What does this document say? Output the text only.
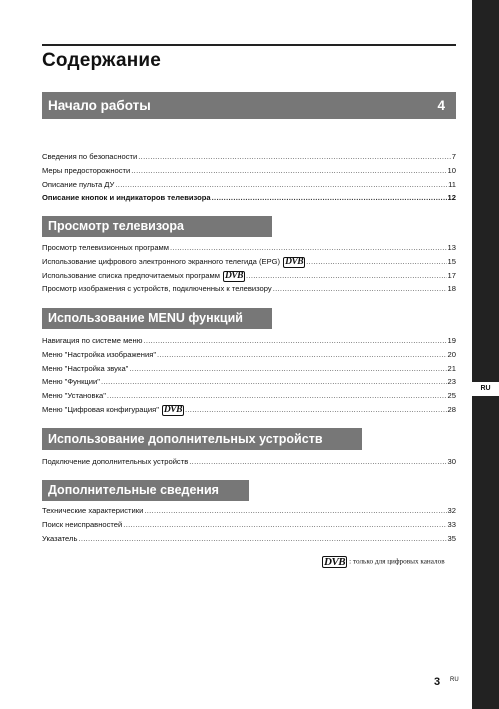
RU
Содержание
Начало работы	4
Сведения по безопасности .....	7
Меры предосторожности .....	10
Описание пульта ДУ .....	11
Описание кнопок и индикаторов телевизора .....	12
Просмотр телевизора
Просмотр телевизионных программ .....	13
Использование цифрового электронного экранного телегида (EPG) DVB .....	15
Использование списка предпочитаемых программ DVB .....	17
Просмотр изображения с устройств, подключенных к телевизору .....	18
Использование MENU функций
Навигация по системе меню .....	19
Меню "Настройка изображения" .....	20
Меню "Настройка звука" .....	21
Меню "Функции" .....	23
Меню "Установка" .....	25
Меню "Цифровая конфигурация" DVB .....	28
Использование дополнительных устройств
Подключение дополнительных устройств .....	30
Дополнительные сведения
Технические характеристики .....	32
Поиск неисправностей .....	33
Указатель .....	35
DVB : только для цифровых каналов
3 RU
